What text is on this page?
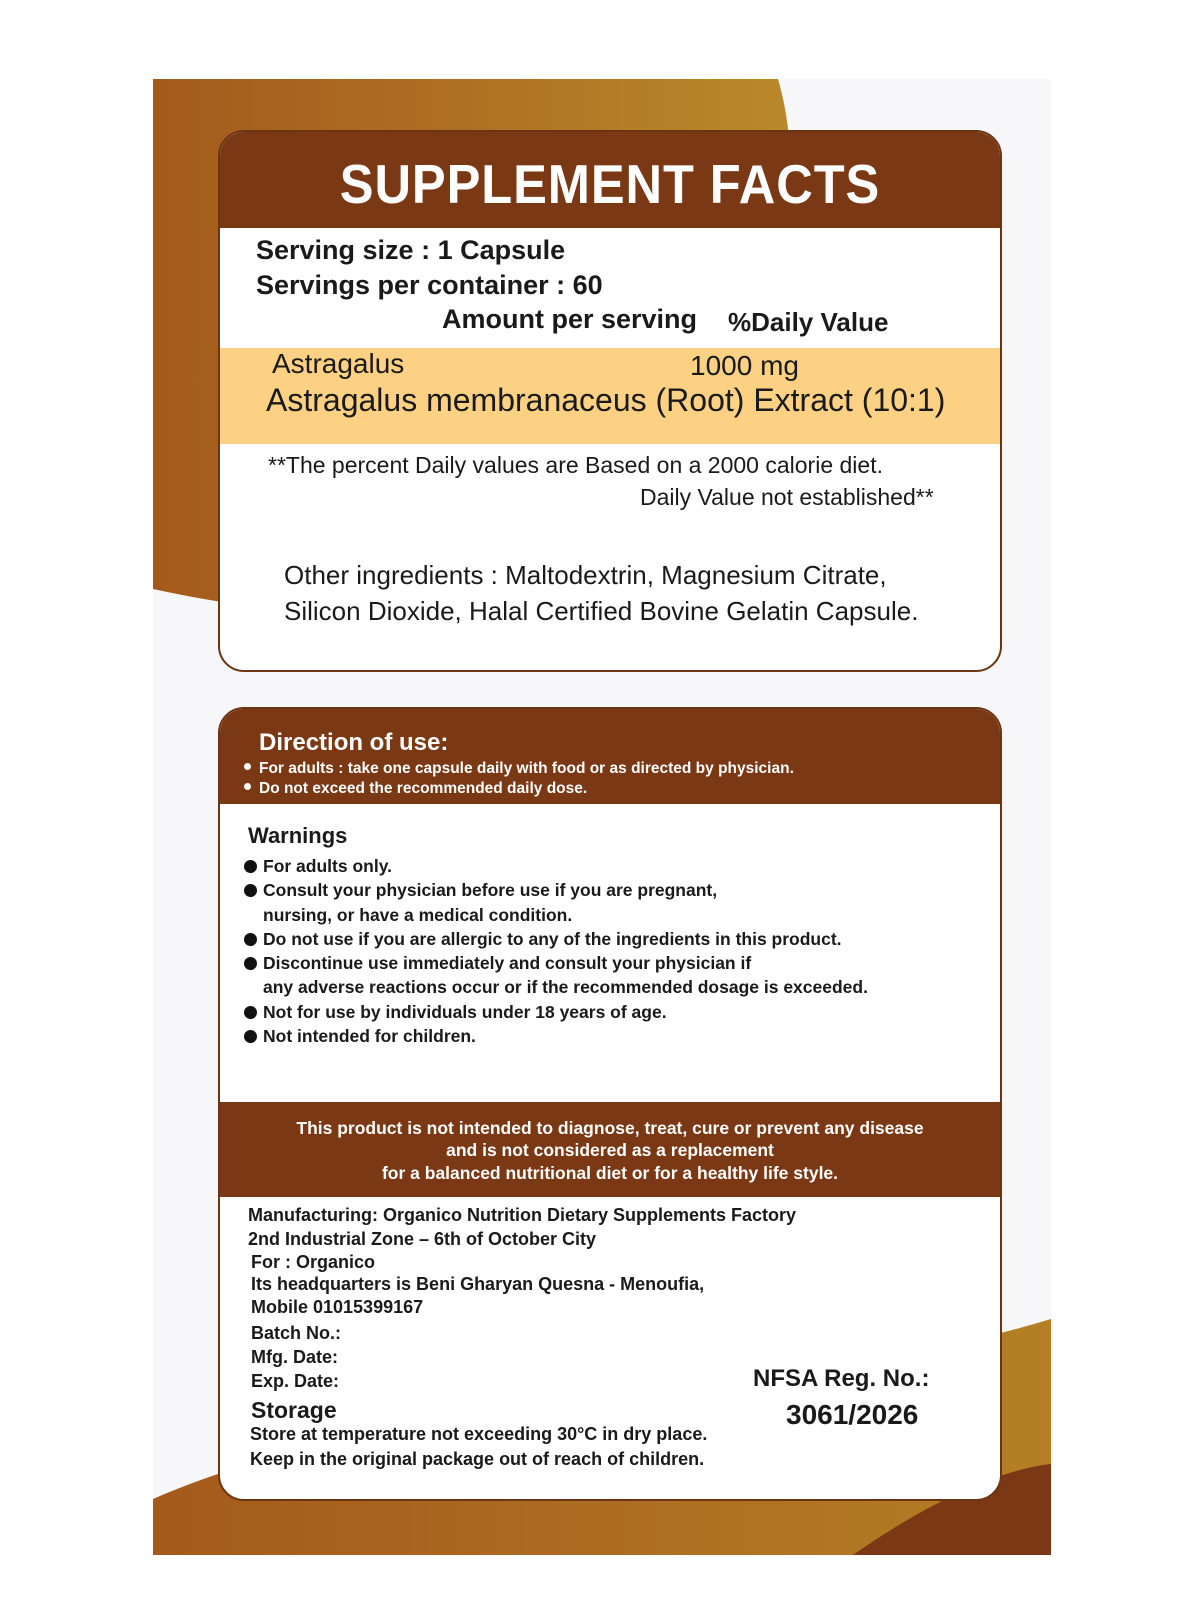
SUPPLEMENT FACTS
Serving size : 1 Capsule
Servings per container : 60
Amount per serving %Daily Value
Astragalus	1000 mg
Astragalus membranaceus (Root) Extract (10:1)
**The percent Daily values are Based on a 2000 calorie diet.
Daily Value not established**
Other ingredients : Maltodextrin, Magnesium Citrate,
Silicon Dioxide, Halal Certified Bovine Gelatin Capsule.
Direction of use:
For adults : take one capsule daily with food or as directed by physician.
Do not exceed the recommended daily dose.
Warnings
For adults only.
Consult your physician before use if you are pregnant,
nursing, or have a medical condition.
Do not use if you are allergic to any of the ingredients in this product.
Discontinue use immediately and consult your physician if
any adverse reactions occur or if the recommended dosage is exceeded.
Not for use by individuals under 18 years of age.
Not intended for children.
This product is not intended to diagnose, treat, cure or prevent any disease
and is not considered as a replacement
for a balanced nutritional diet or for a healthy life style.
Manufacturing: Organico Nutrition Dietary Supplements Factory
2nd Industrial Zone – 6th of October City
For : Organico
Its headquarters is Beni Gharyan Quesna - Menoufia,
Mobile 01015399167
Batch No.:
Mfg. Date:
Exp. Date:	NFSA Reg. No.:
3061/2026
Storage
Store at temperature not exceeding 30°C in dry place.
Keep in the original package out of reach of children.
